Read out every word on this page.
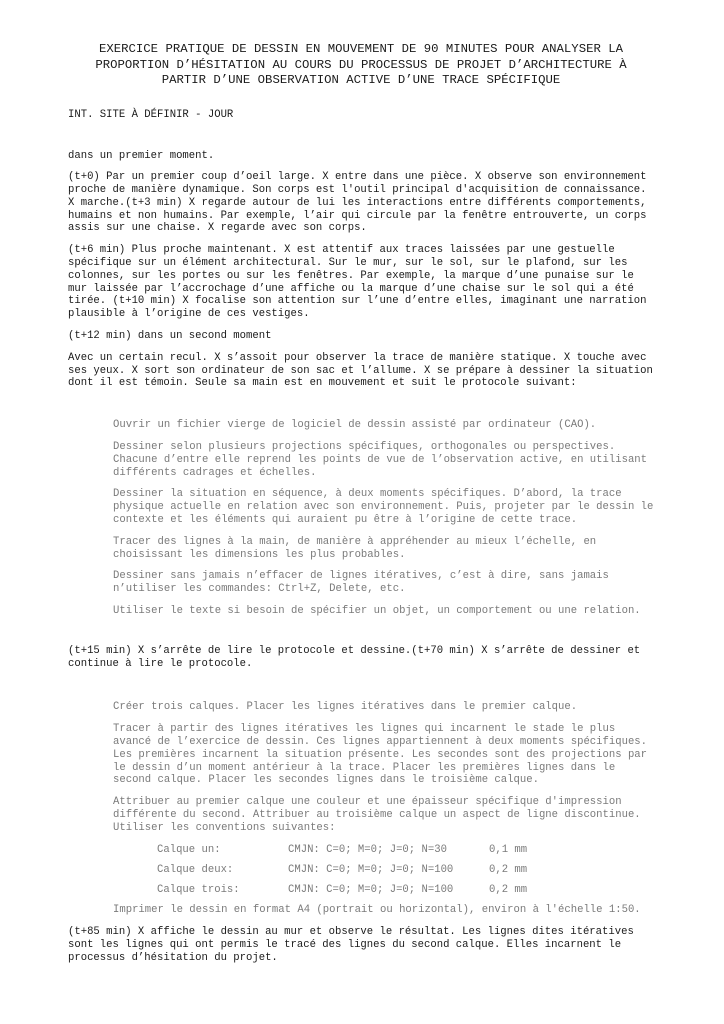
EXERCICE PRATIQUE DE DESSIN EN MOUVEMENT DE 90 MINUTES POUR ANALYSER LA
PROPORTION D’HÉSITATION AU COURS DU PROCESSUS DE PROJET D’ARCHITECTURE À
PARTIR D’UNE OBSERVATION ACTIVE D’UNE TRACE SPÉCIFIQUE
INT. SITE À DÉFINIR - JOUR
dans un premier moment.
(t+0) Par un premier coup d’oeil large. X entre dans une pièce. X observe son environnement proche de manière dynamique. Son corps est l'outil principal d'acquisition de connaissance. X marche.(t+3 min) X regarde autour de lui les interactions entre différents comportements, humains et non humains. Par exemple, l’air qui circule par la fenêtre entrouverte, un corps assis sur une chaise. X regarde avec son corps.
(t+6 min) Plus proche maintenant. X est attentif aux traces laissées par une gestuelle spécifique sur un élément architectural. Sur le mur, sur le sol, sur le plafond, sur les colonnes, sur les portes ou sur les fenêtres. Par exemple, la marque d’une punaise sur le mur laissée par l’accrochage d’une affiche ou la marque d’une chaise sur le sol qui a été tirée. (t+10 min) X focalise son attention sur l’une d’entre elles, imaginant une narration plausible à l’origine de ces vestiges.
(t+12 min) dans un second moment
Avec un certain recul. X s’assoit pour observer la trace de manière statique. X touche avec ses yeux. X sort son ordinateur de son sac et l’allume. X se prépare à dessiner la situation dont il est témoin. Seule sa main est en mouvement et suit le protocole suivant:
Ouvrir un fichier vierge de logiciel de dessin assisté par ordinateur (CAO).
Dessiner selon plusieurs projections spécifiques, orthogonales ou perspectives. Chacune d’entre elle reprend les points de vue de l’observation active, en utilisant différents cadrages et échelles.
Dessiner la situation en séquence, à deux moments spécifiques. D’abord, la trace physique actuelle en relation avec son environnement. Puis, projeter par le dessin le contexte et les éléments qui auraient pu être à l’origine de cette trace.
Tracer des lignes à la main, de manière à appréhender au mieux l’échelle, en choisissant les dimensions les plus probables.
Dessiner sans jamais n’effacer de lignes itératives, c’est à dire, sans jamais n’utiliser les commandes: Ctrl+Z, Delete, etc.
Utiliser le texte si besoin de spécifier un objet, un comportement ou une relation.
(t+15 min) X s’arrête de lire le protocole et dessine.(t+70 min) X s’arrête de dessiner et continue à lire le protocole.
Créer trois calques. Placer les lignes itératives dans le premier calque.
Tracer à partir des lignes itératives les lignes qui incarnent le stade le plus avancé de l’exercice de dessin. Ces lignes appartiennent à deux moments spécifiques. Les premières incarnent la situation présente. Les secondes sont des projections par le dessin d’un moment antérieur à la trace. Placer les premières lignes dans le second calque. Placer les secondes lignes dans le troisième calque.
Attribuer au premier calque une couleur et une épaisseur spécifique d'impression différente du second. Attribuer au troisième calque un aspect de ligne discontinue. Utiliser les conventions suivantes:
Calque un:	CMJN: C=0; M=0; J=0; N=30	0,1 mm
Calque deux:	CMJN: C=0; M=0; J=0; N=100	0,2 mm
Calque trois:	CMJN: C=0; M=0; J=0; N=100	0,2 mm
Imprimer le dessin en format A4 (portrait ou horizontal), environ à l'échelle 1:50.
(t+85 min) X affiche le dessin au mur et observe le résultat. Les lignes dites itératives sont les lignes qui ont permis le tracé des lignes du second calque. Elles incarnent le processus d’hésitation du projet.
